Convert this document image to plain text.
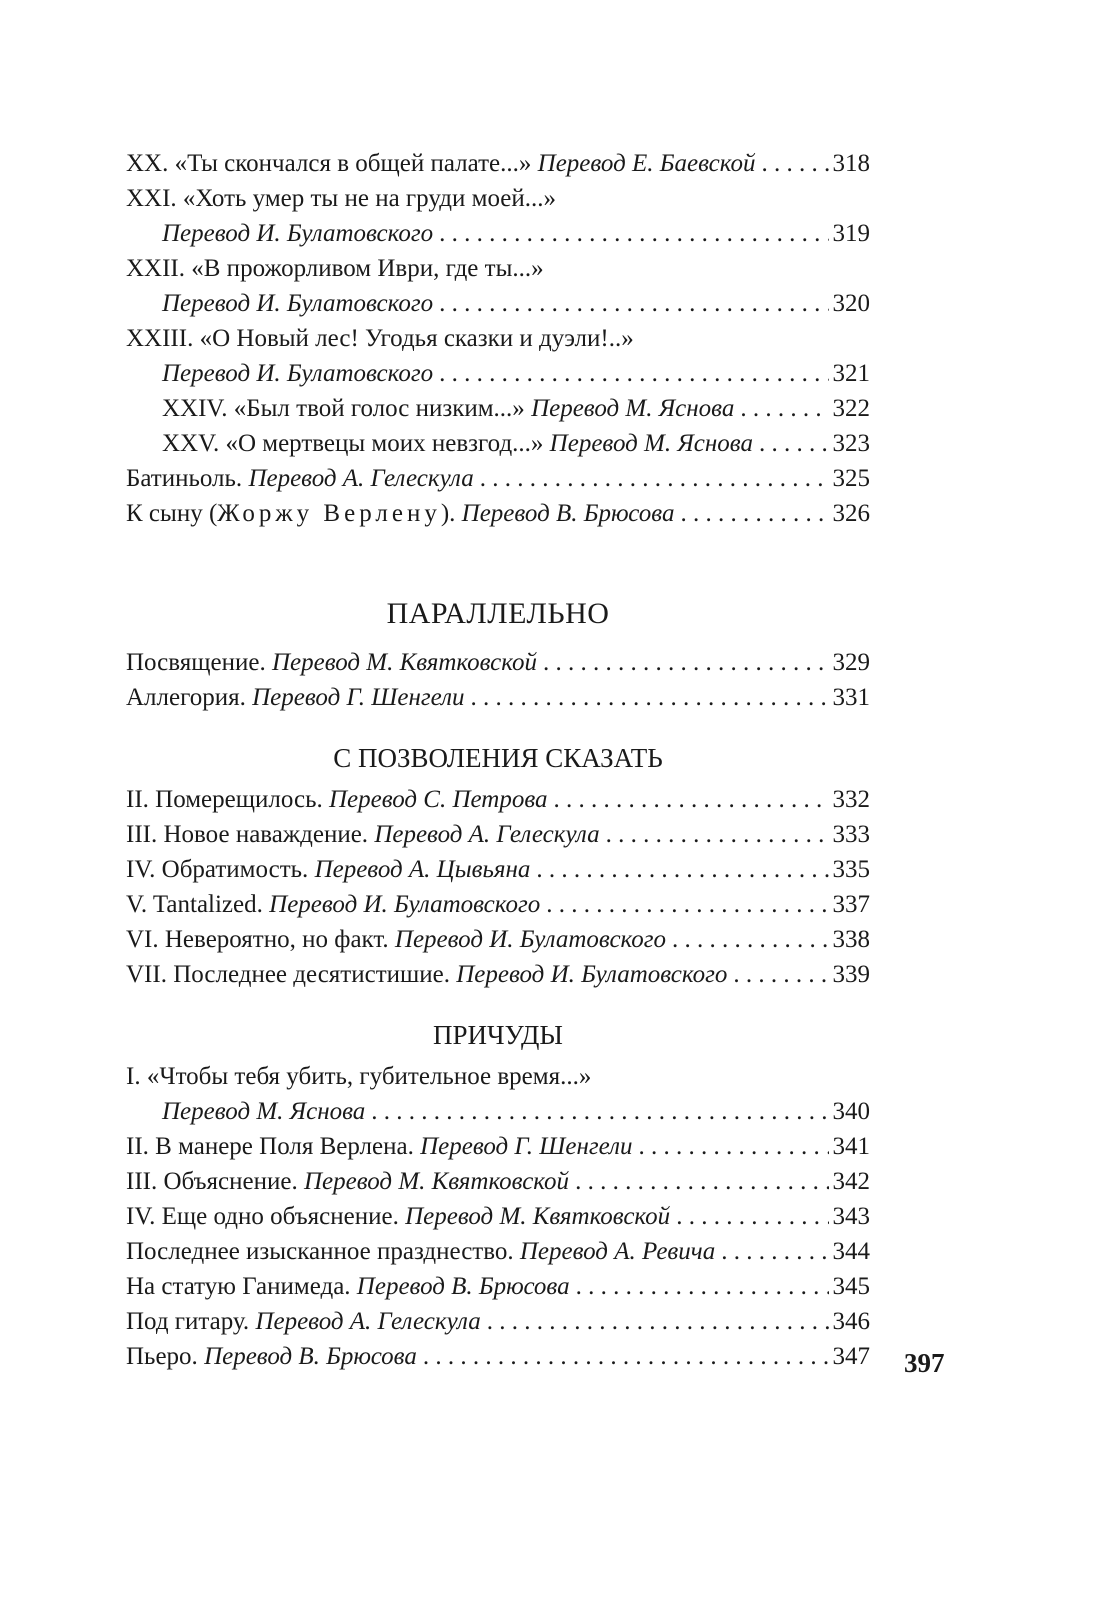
XX. «Ты скончался в общей палате...» Перевод Е. Баевской . . .	318
XXI. «Хоть умер ты не на груди моей...»
Перевод И. Булатовского . . .	319
XXII. «В прожорливом Иври, где ты...»
Перевод И. Булатовского . . .	320
XXIII. «О Новый лес! Угодья сказки и дуэли!..»
Перевод И. Булатовского . . .	321
XXIV. «Был твой голос низким...» Перевод М. Яснова . . .	322
XXV. «О мертвецы моих невзгод...» Перевод М. Яснова . . .	323
Батиньоль. Перевод А. Гелескула . . .	325
К сыну (Жоржу Верлену). Перевод В. Брюсова . . .	326
ПАРАЛЛЕЛЬНО
Посвящение. Перевод М. Квятковской . . .	329
Аллегория. Перевод Г. Шенгели . . .	331
С ПОЗВОЛЕНИЯ СКАЗАТЬ
II. Померещилось. Перевод С. Петрова . . .	332
III. Новое наваждение. Перевод А. Гелескула . . .	333
IV. Обратимость. Перевод А. Цывьяна . . .	335
V. Tantalized. Перевод И. Булатовского . . .	337
VI. Невероятно, но факт. Перевод И. Булатовского . . .	338
VII. Последнее десятистишие. Перевод И. Булатовского . . .	339
ПРИЧУДЫ
I. «Чтобы тебя убить, губительное время...»
Перевод М. Яснова . . .	340
II. В манере Поля Верлена. Перевод Г. Шенгели . . .	341
III. Объяснение. Перевод М. Квятковской . . .	342
IV. Еще одно объяснение. Перевод М. Квятковской . . .	343
Последнее изысканное празднество. Перевод А. Ревича . . .	344
На статую Ганимеда. Перевод В. Брюсова . . .	345
Под гитару. Перевод А. Гелескула . . .	346
Пьеро. Перевод В. Брюсова . . .	347 397
